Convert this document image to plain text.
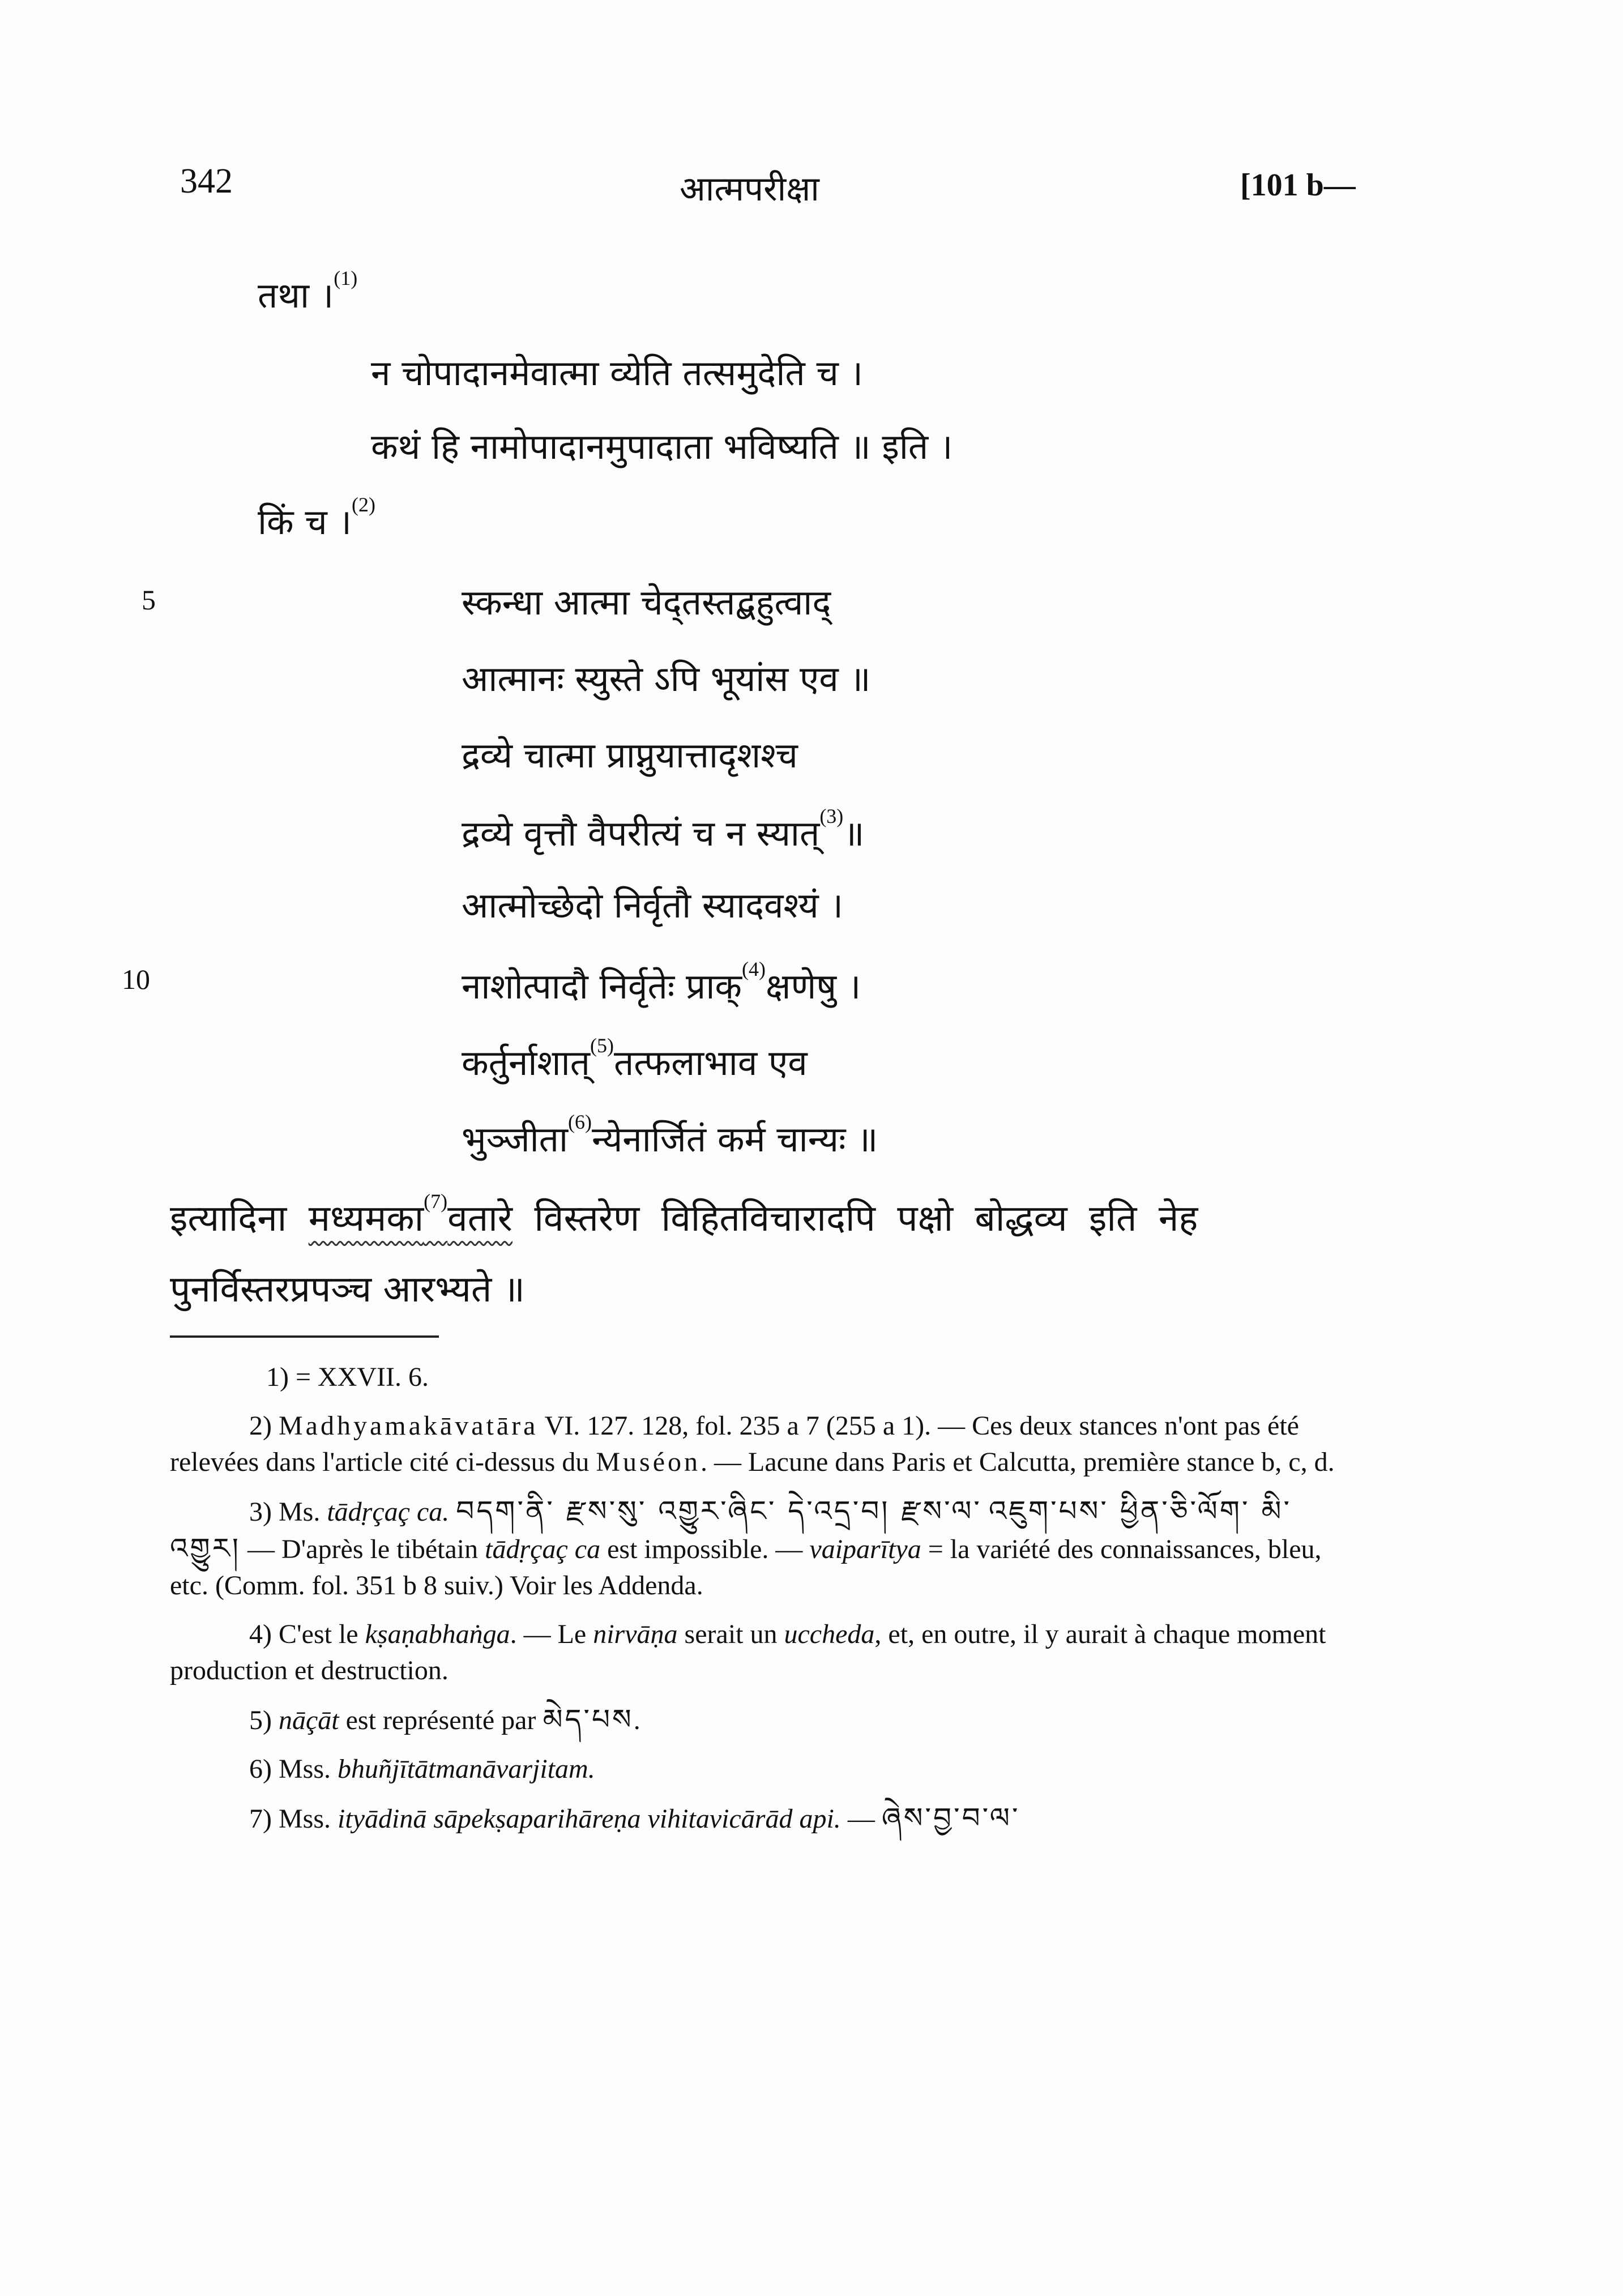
342	आत्मपरीक्षा	[101 b—
तथा ।$^{(1)}$
न चोपादानमेवात्मा व्येति तत्समुदेति च ।
कथं हि नामोपादानमुपादाता भविष्यति ॥ इति ।
किं च ।$^{(2)}$
5	स्कन्धा आत्मा चेद्तस्तद्बहुत्वाद्
आत्मानः स्युस्ते ऽपि भूयांस एव ॥
द्रव्ये चात्मा प्राप्नुयात्तादृशश्च
द्रव्ये वृत्तौ वैपरीत्यं च न स्यात्$^{(3)}$॥
आत्मोच्छेदो निर्वृतौ स्यादवश्यं ।
10	नाशोत्पादौ निर्वृतेः प्राक्$^{(4)}$क्षणेषु ।
कर्तुर्नाशात्$^{(5)}$तत्फलाभाव एव
भुञ्जीता$^{(6)}$न्येनार्जितं कर्म चान्यः ॥
इत्यादिना मध्यमका$^{(7)}$वतारे विस्तरेण विहितविचारादपि पक्षो बोद्धव्य इति नेह
पुनर्विस्तरप्रपञ्च आरभ्यते ॥
1) = XXVII. 6.
2) Madhyamakāvatāra VI. 127. 128, fol. 235 a 7 (255 a 1). — Ces deux stances n'ont pas été relevées dans l'article cité ci-dessus du Muséon. — Lacune dans Paris et Calcutta, première stance b, c, d.
3) Ms. tādṛçaç ca. བདག་ནི་ རྫས་སུ་ འགྱུར་ཞིང་ དེ་འདྲ་བ། རྫས་ལ་ འཇུག་པས་ ཕྱིན་ཅི་ལོག་ མི་འགྱུར། — D'après le tibétain tādṛçaç ca est impossible. — vaiparītya = la variété des connaissances, bleu, etc. (Comm. fol. 351 b 8 suiv.) Voir les Addenda.
4) C'est le kṣaṇabhaṅga. — Le nirvāṇa serait un uccheda, et, en outre, il y aurait à chaque moment production et destruction.
5) nāçāt est représenté par མེད་པས.
6) Mss. bhuñjītātmanāvarjitam.
7) Mss. ityādinā sāpekṣaparihāreṇa vihitavicārād api. — ཞེས་བྱ་བ་ལ་
